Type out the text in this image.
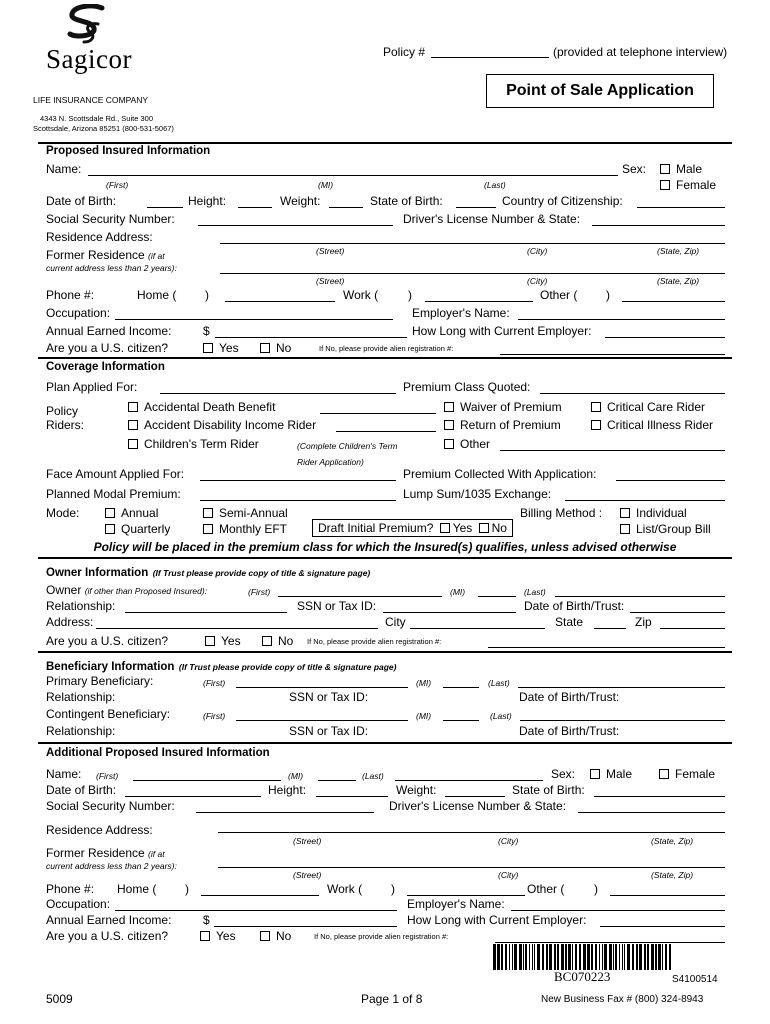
Sagicor
LIFE INSURANCE COMPANY
4343 N. Scottsdale Rd., Suite 300
Scottsdale, Arizona 85251 (800-531-5067)
Policy #	(provided at telephone interview)
Point of Sale Application
Proposed Insured Information
Name:	Sex:	Male
(First)	(MI)	(Last)	Female
Date of Birth:	Height:	Weight:	State of Birth:	Country of Citizenship:
Social Security Number:	Driver's License Number & State:
Residence Address:
(Street)	(City)	(State, Zip)
Former Residence (if at
current address less than 2 years):
(Street)	(City)	(State, Zip)
Phone #:	Home ( )	Work ( )	Other ( )
Occupation:	Employer's Name:
Annual Earned Income:	$	How Long with Current Employer:
Are you a U.S. citizen?	Yes	No	If No, please provide alien registration #:
Coverage Information
Plan Applied For:	Premium Class Quoted:
Policy
Riders:
Accidental Death Benefit	Waiver of Premium	Critical Care Rider
Accident Disability Income Rider	Return of Premium	Critical Illness Rider
Children's Term Rider	(Complete Children's Term
Rider Application)
Other
Face Amount Applied For:	Premium Collected With Application:
Planned Modal Premium:	Lump Sum/1035 Exchange:
Mode:	Annual	Semi-Annual	Billing Method :	Individual
Quarterly	Monthly EFT	Draft Initial Premium? Yes No	List/Group Bill
Policy will be placed in the premium class for which the Insured(s) qualifies, unless advised otherwise
Owner Information (If Trust please provide copy of title & signature page)
Owner (if other than Proposed Insured):	(First)	(MI)	(Last)
Relationship:	SSN or Tax ID:	Date of Birth/Trust:
Address:	City	State	Zip
Are you a U.S. citizen?	Yes	No If No, please provide alien registration #:
Beneficiary Information (If Trust please provide copy of title & signature page)
Primary Beneficiary:	(First)	(MI)	(Last)
Relationship:	SSN or Tax ID:	Date of Birth/Trust:
Contingent Beneficiary:	(First)	(MI)	(Last)
Relationship:	SSN or Tax ID:	Date of Birth/Trust:
Additional Proposed Insured Information
Name: (First)	(MI)	(Last)	Sex:	Male	Female
Date of Birth:	Height:	Weight:	State of Birth:
Social Security Number:	Driver's License Number & State:
Residence Address:
(Street)	(City)	(State, Zip)
Former Residence (if at
current address less than 2 years):
(Street)	(City)	(State, Zip)
Phone #: Home ( )	Work ( )	Other ( )
Occupation:	Employer's Name:
Annual Earned Income:	$	How Long with Current Employer:
Are you a U.S. citizen?	Yes	No	If No, please provide alien registration #:
BC070223	S4100514
5009	Page 1 of 8	New Business Fax # (800) 324-8943
